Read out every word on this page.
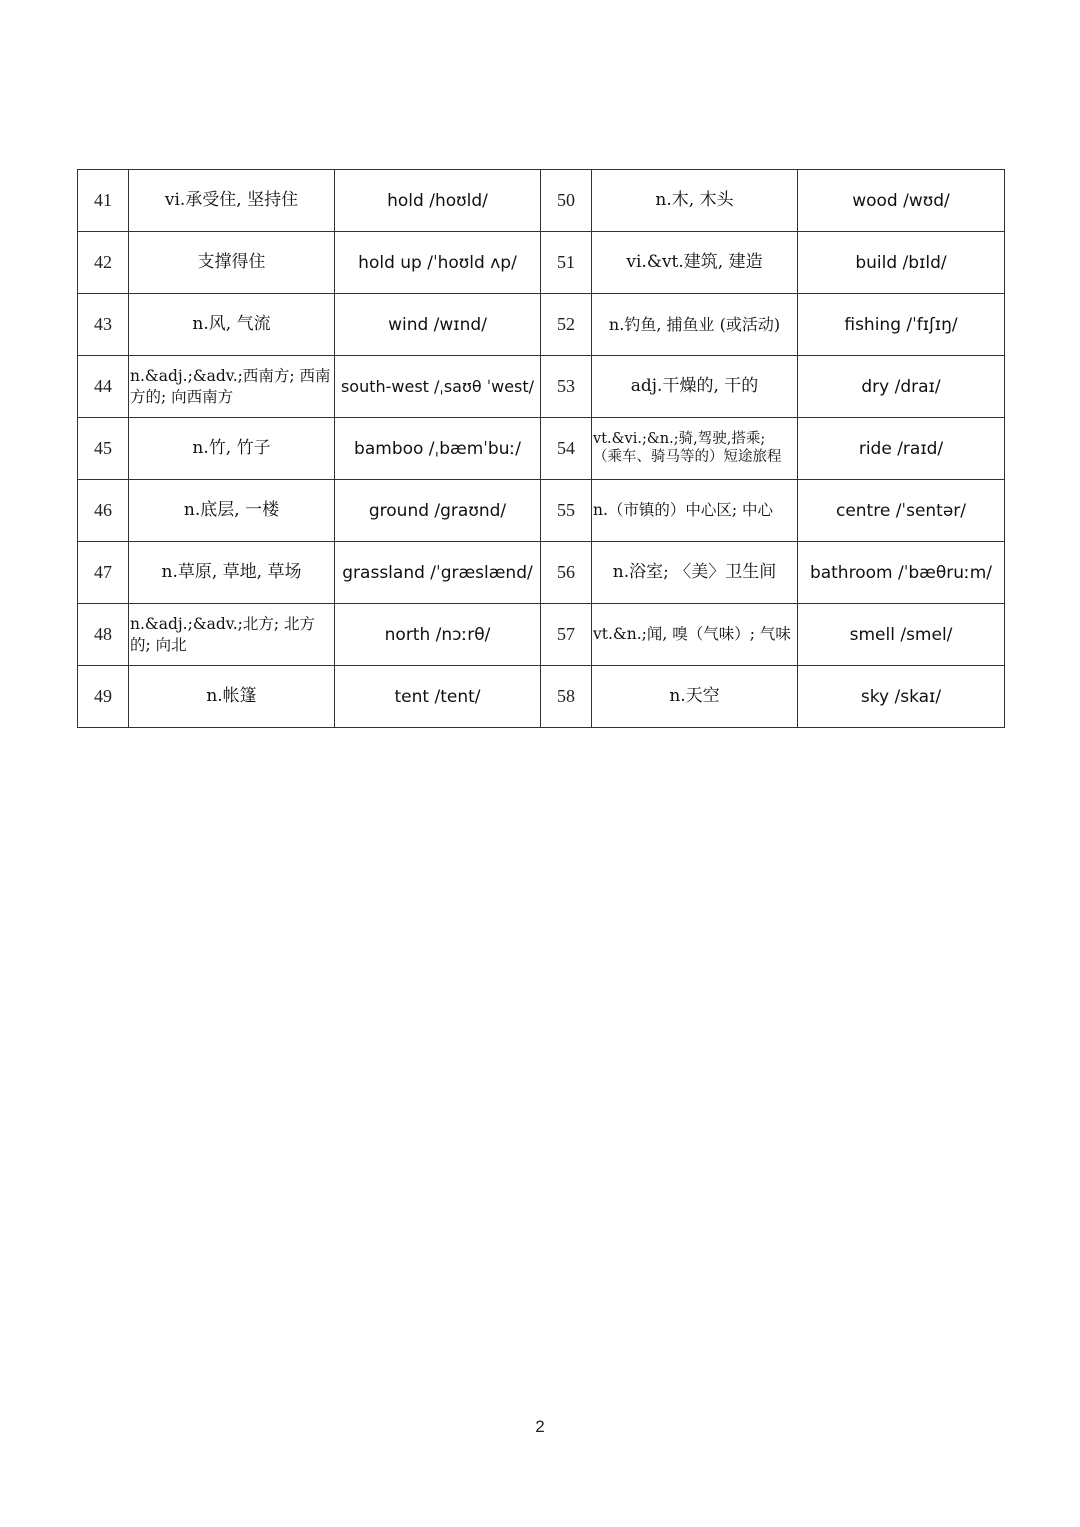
41	vi.承受住, 坚持住	hold /hoʊld/	50	n.木, 木头	wood /wʊd/
42	支撑得住	hold up /ˈhoʊld ʌp/	51	vi.&vt.建筑, 建造	build /bɪld/
43	n.风, 气流	wind /wɪnd/	52	n.钓鱼, 捕鱼业 (或活动)	fishing /ˈfɪʃɪŋ/
44	n.&adj.;&adv.;西南方; 西南方的; 向西南方	south-west /ˌsaʊθ ˈwest/	53	adj.干燥的, 干的	dry /draɪ/
45	n.竹, 竹子	bamboo /ˌbæmˈbuː/	54	vt.&vi.;&n.;骑,驾驶,搭乘; （乘车、骑马等的）短途旅程	ride /raɪd/
46	n.底层, 一楼	ground /graʊnd/	55	n.（市镇的）中心区; 中心	centre /ˈsentər/
47	n.草原, 草地, 草场	grassland /ˈgræslænd/	56	n.浴室; 〈美〉卫生间	bathroom /ˈbæθruːm/
48	n.&adj.;&adv.;北方; 北方的; 向北	north /nɔːrθ/	57	vt.&n.;闻, 嗅（气味）; 气味	smell /smel/
49	n.帐篷	tent /tent/	58	n.天空	sky /skaɪ/
2
